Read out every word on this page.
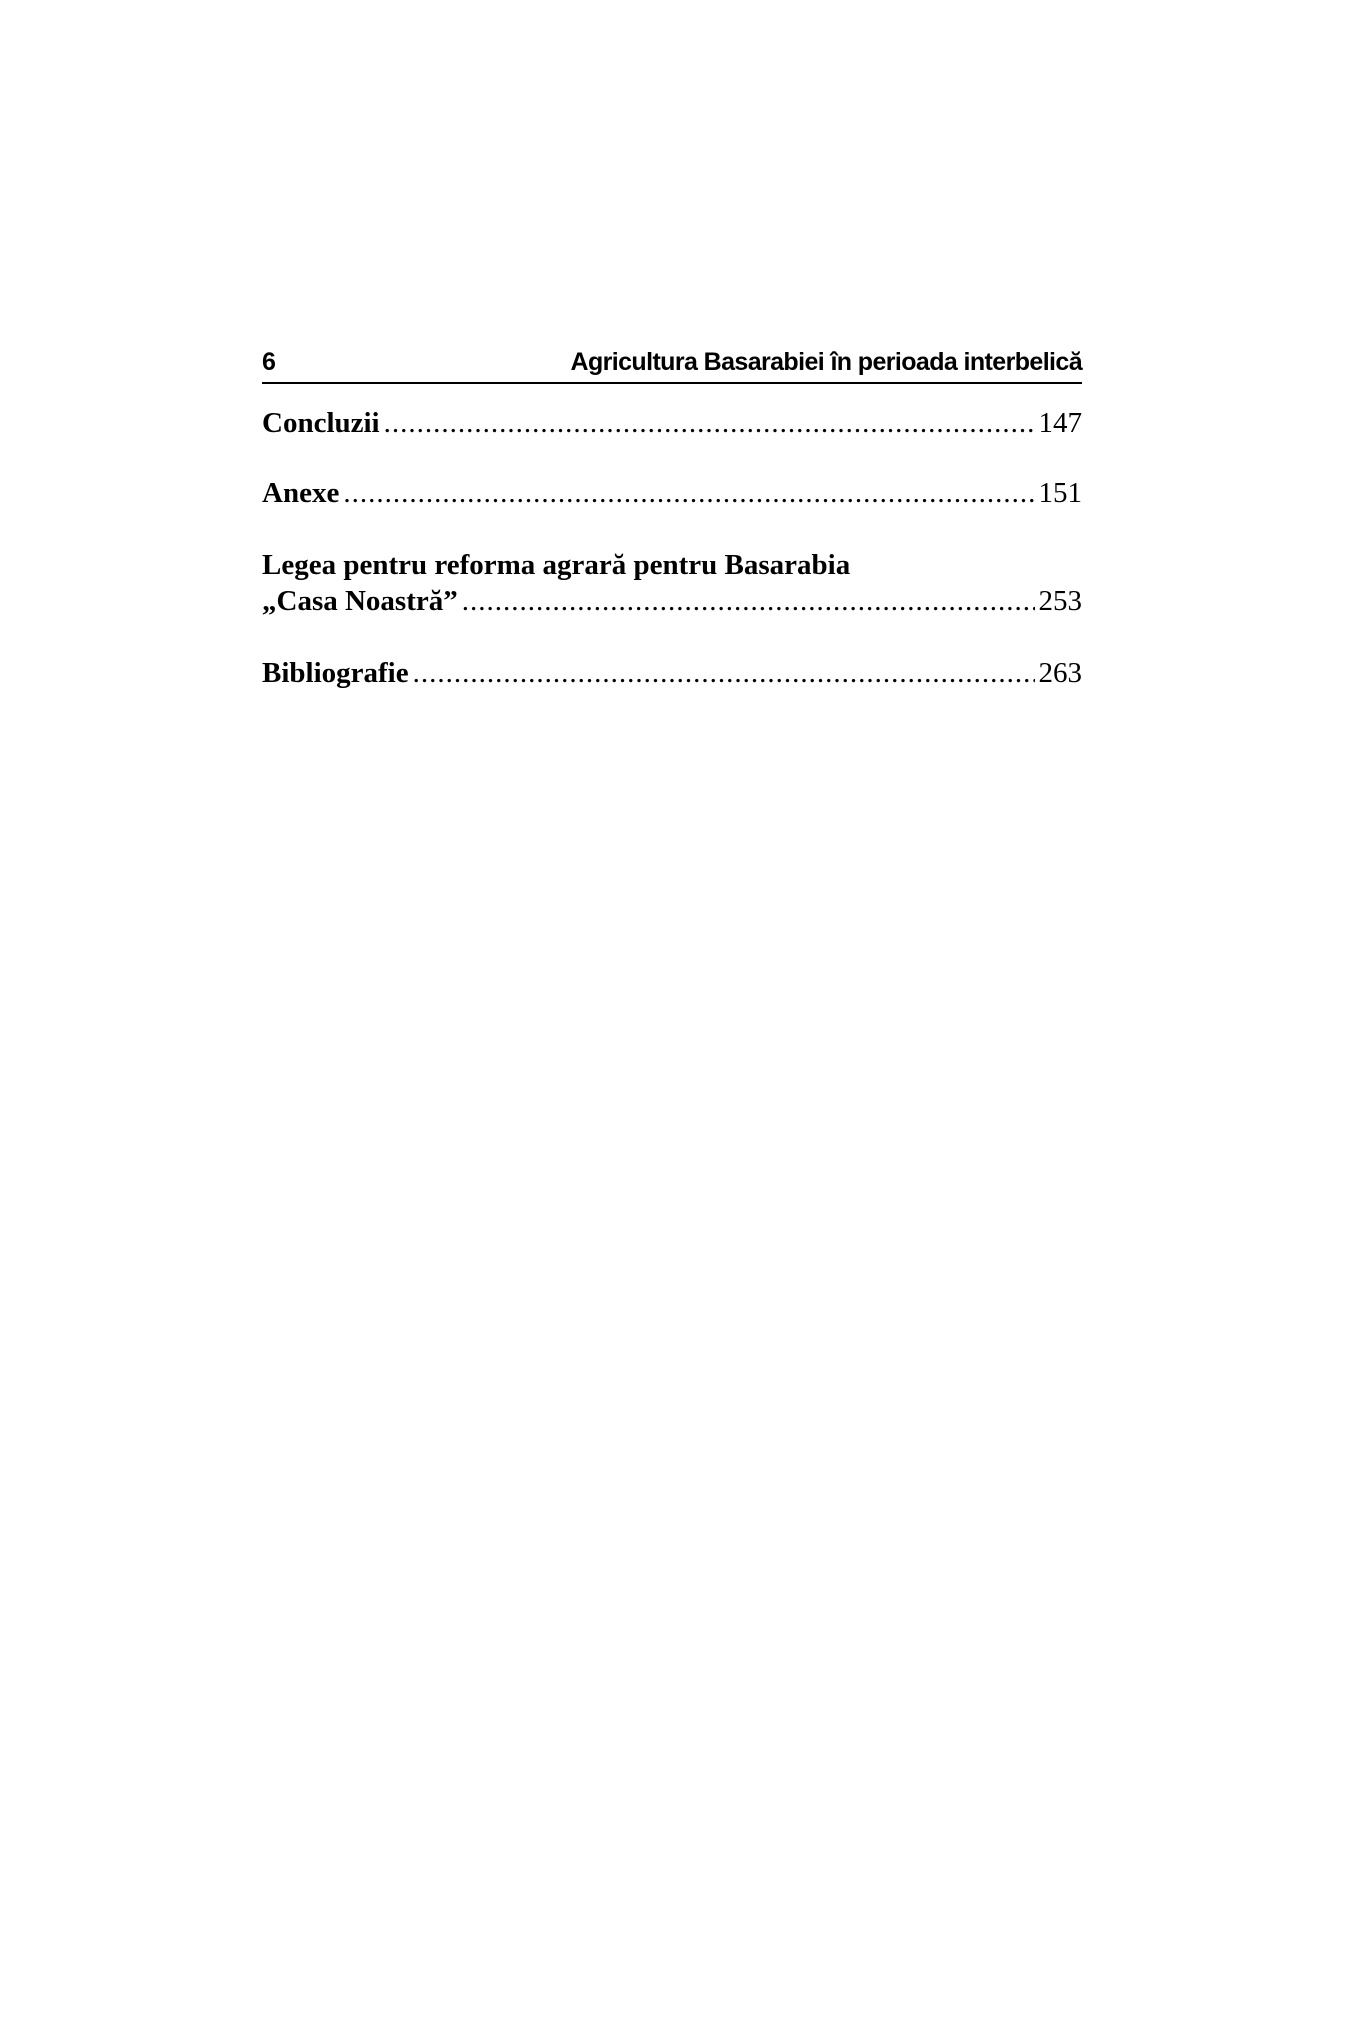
6	Agricultura Basarabiei în perioada interbelică
Concluzii .....	147
Anexe .....	151
Legea pentru reforma agrară pentru Basarabia
„Casa Noastră” .....	253
Bibliografie .....	263
